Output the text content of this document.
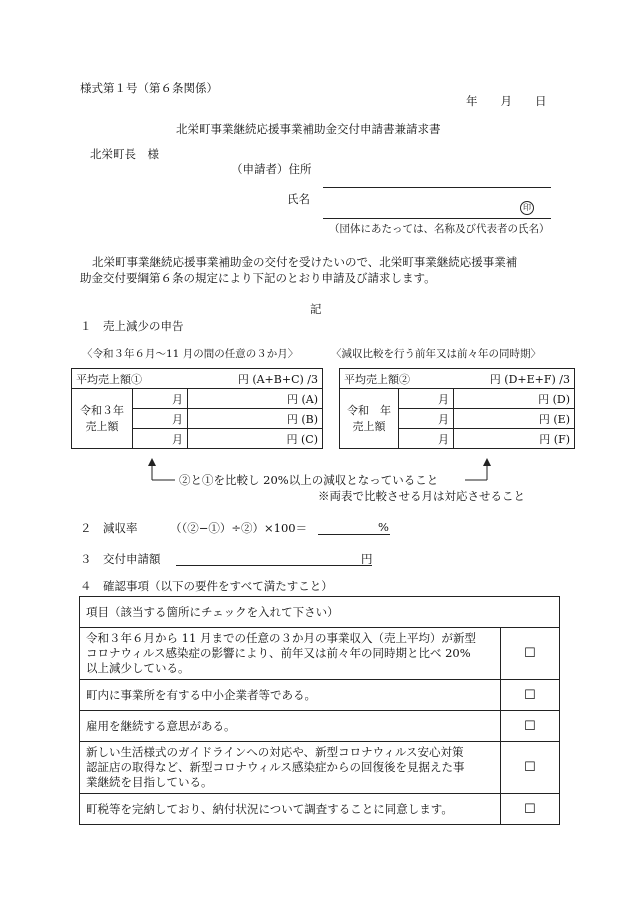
様式第１号（第６条関係）
年　　月　　日
北栄町事業継続応援事業補助金交付申請書兼請求書
北栄町長　様
（申請者）住所
氏名
印
（団体にあたっては、名称及び代表者の氏名）
北栄町事業継続応援事業補助金の交付を受けたいので、北栄町事業継続応援事業補
助金交付要綱第６条の規定により下記のとおり申請及び請求します。
記
１　売上減少の申告
〈令和３年６月～11 月の間の任意の３か月〉	〈減収比較を行う前年又は前々年の同時期〉
平均売上額①		円 (A+B+C) /3
令和３年
売上額	月	円 (A)
	月	円 (B)
	月	円 (C)
平均売上額②		円 (D+E+F) /3
令和　年
売上額	月	円 (D)
	月	円 (E)
	月	円 (F)
②と①を比較し 20%以上の減収となっていること
※両表で比較させる月は対応させること
２　減収率	（（②−①）÷②）×100＝	%
３　交付申請額	円
４　確認事項（以下の要件をすべて満たすこと）
項目（該当する箇所にチェックを入れて下さい）	
令和３年６月から 11 月までの任意の３か月の事業収入（売上平均）が新型
コロナウィルス感染症の影響により、前年又は前々年の同時期と比べ 20%
以上減少している。	☐
町内に事業所を有する中小企業者等である。	☐
雇用を継続する意思がある。	☐
新しい生活様式のガイドラインへの対応や、新型コロナウィルス安心対策
認証店の取得など、新型コロナウィルス感染症からの回復後を見据えた事
業継続を目指している。	☐
町税等を完納しており、納付状況について調査することに同意します。	☐
